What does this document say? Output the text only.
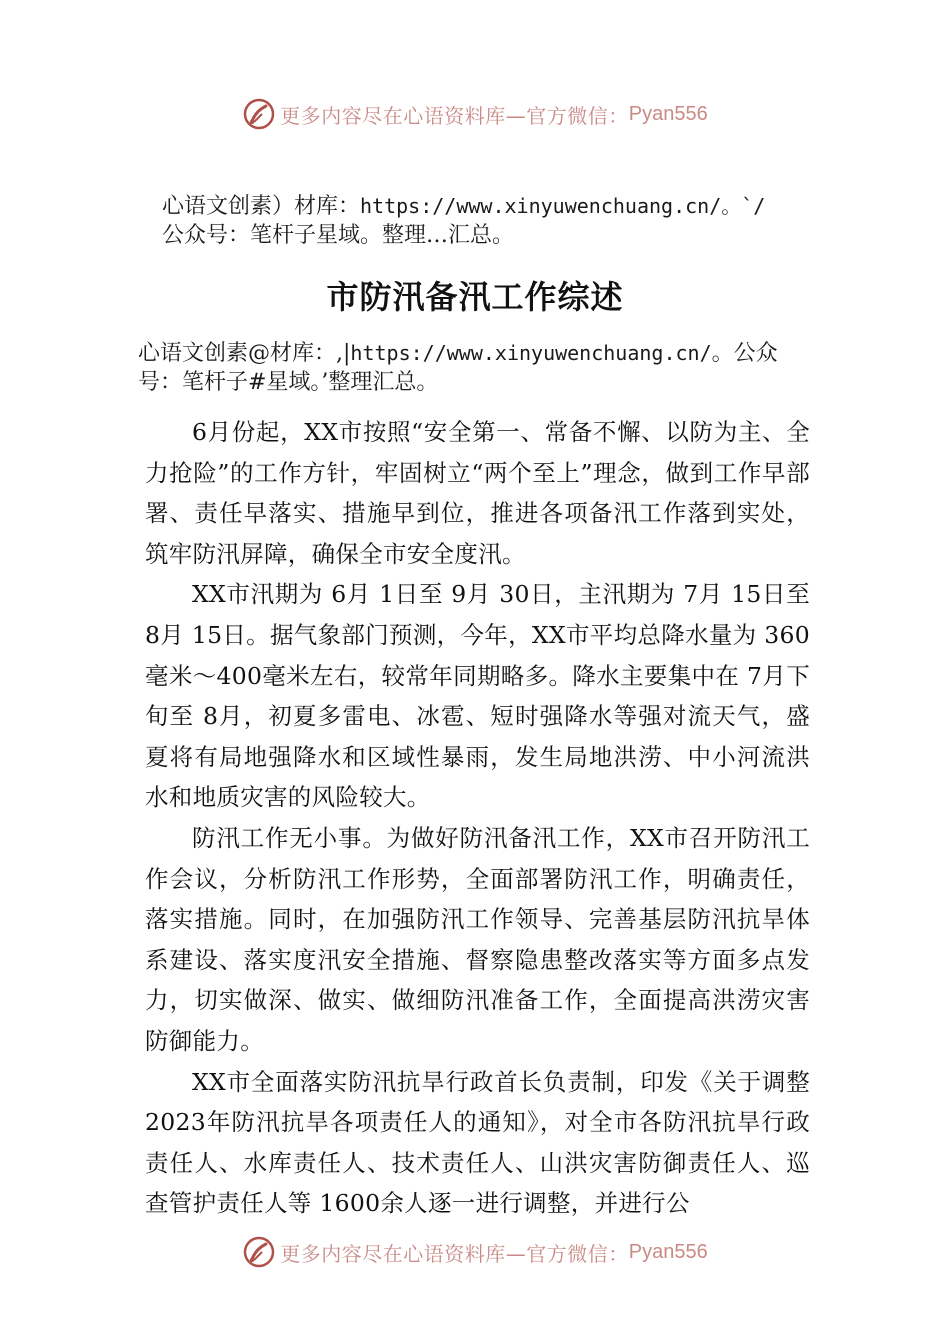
更多内容尽在心语资料库—官方微信： Pyan556
心语文创素）材库：https://www.xinyuwenchuang.cn/。`/
公众号：笔杆子星域。整理…汇总。
市防汛备汛工作综述
心语文创素@材库：,|https://www.xinyuwenchuang.cn/。公众
号：笔杆子#星域。’整理汇总。

6月份起，XX市按照“安全第一、常备不懈、以防为主、全力抢险”的工作方针，牢固树立“两个至上”理念，做到工作早部署、责任早落实、措施早到位，推进各项备汛工作落到实处，筑牢防汛屏障，确保全市安全度汛。

XX市汛期为 6月 1日至 9月 30日，主汛期为 7月 15日至 8月 15日。据气象部门预测，今年，XX市平均总降水量为 360毫米～400毫米左右，较常年同期略多。降水主要集中在 7月下旬至 8月，初夏多雷电、冰雹、短时强降水等强对流天气，盛夏将有局地强降水和区域性暴雨，发生局地洪涝、中小河流洪水和地质灾害的风险较大。

防汛工作无小事。为做好防汛备汛工作，XX市召开防汛工作会议，分析防汛工作形势，全面部署防汛工作，明确责任，落实措施。同时，在加强防汛工作领导、完善基层防汛抗旱体系建设、落实度汛安全措施、督察隐患整改落实等方面多点发力，切实做深、做实、做细防汛准备工作，全面提高洪涝灾害防御能力。

XX市全面落实防汛抗旱行政首长负责制，印发《关于调整 2023年防汛抗旱各项责任人的通知》，对全市各防汛抗旱行政责任人、水库责任人、技术责任人、山洪灾害防御责任人、巡查管护责任人等 1600余人逐一进行调整，并进行公

更多内容尽在心语资料库—官方微信： Pyan556
